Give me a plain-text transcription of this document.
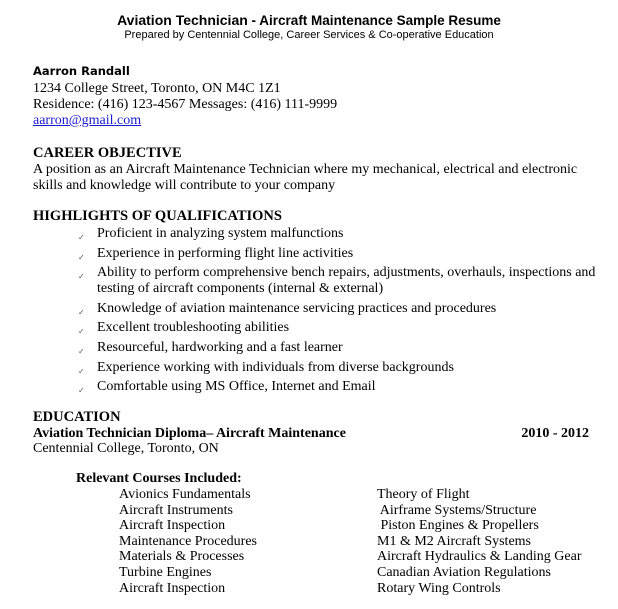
Aviation Technician - Aircraft Maintenance Sample Resume
Prepared by Centennial College, Career Services & Co-operative Education
Aarron Randall
1234 College Street, Toronto, ON M4C 1Z1
Residence: (416) 123-4567 Messages: (416) 111-9999
aarron@gmail.com
CAREER OBJECTIVE
A position as an Aircraft Maintenance Technician where my mechanical, electrical and electronic skills and knowledge will contribute to your company
HIGHLIGHTS OF QUALIFICATIONS
✓ Proficient in analyzing system malfunctions
✓ Experience in performing flight line activities
✓ Ability to perform comprehensive bench repairs, adjustments, overhauls, inspections and testing of aircraft components (internal & external)
✓ Knowledge of aviation maintenance servicing practices and procedures
✓ Excellent troubleshooting abilities
✓ Resourceful, hardworking and a fast learner
✓ Experience working with individuals from diverse backgrounds
✓ Comfortable using MS Office, Internet and Email
EDUCATION
Aviation Technician Diploma– Aircraft Maintenance	2010 - 2012
Centennial College, Toronto, ON
Relevant Courses Included:
Avionics Fundamentals
Aircraft Instruments
Aircraft Inspection
Maintenance Procedures
Materials & Processes
Turbine Engines
Aircraft Inspection
Theory of Flight
Airframe Systems/Structure
Piston Engines & Propellers
M1 & M2 Aircraft Systems
Aircraft Hydraulics & Landing Gear
Canadian Aviation Regulations
Rotary Wing Controls
